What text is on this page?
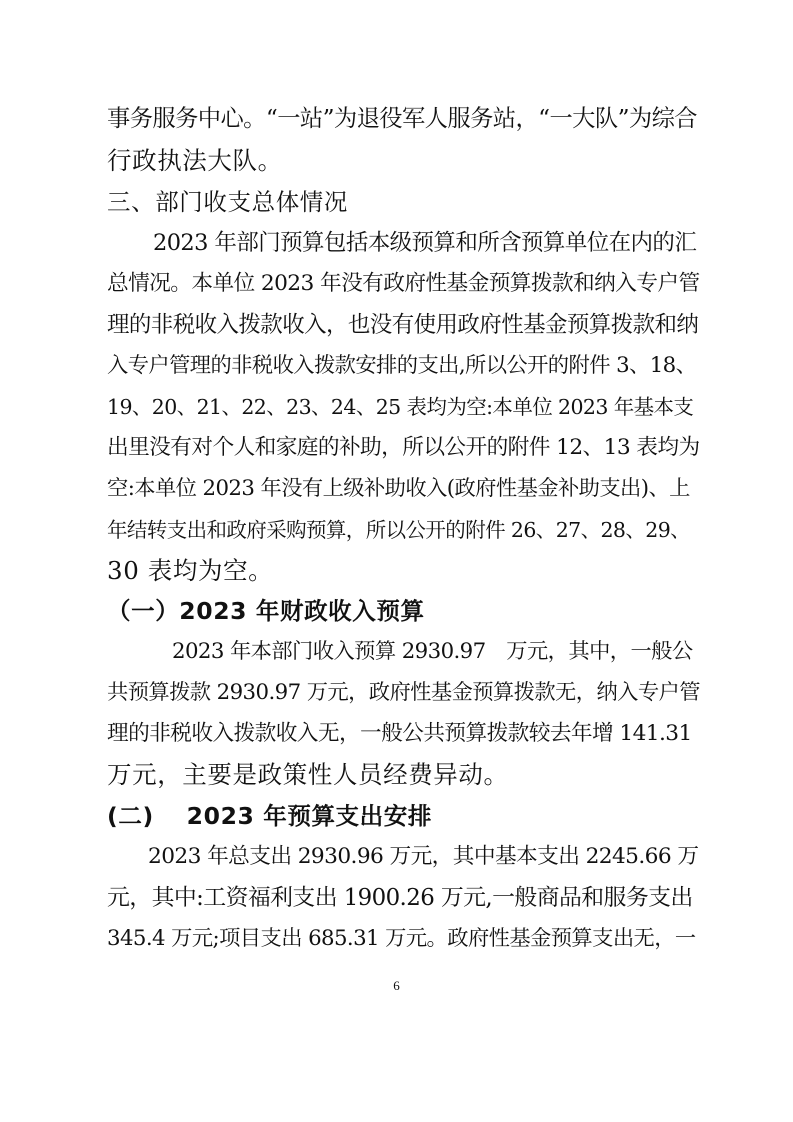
事务服务中心。“一站”为退役军人服务站，“一大队”为综合
行政执法大队。
三、部门收支总体情况
2023 年部门预算包括本级预算和所含预算单位在内的汇
总情况。本单位 2023 年没有政府性基金预算拨款和纳入专户管
理的非税收入拨款收入，也没有使用政府性基金预算拨款和纳
入专户管理的非税收入拨款安排的支出,所以公开的附件 3、18、
19、20、21、22、23、24、25 表均为空:本单位 2023 年基本支
出里没有对个人和家庭的补助，所以公开的附件 12、13 表均为
空:本单位 2023 年没有上级补助收入(政府性基金补助支出)、上
年结转支出和政府采购预算，所以公开的附件 26、27、28、29、
30 表均为空。
（一）2023 年财政收入预算
2023 年本部门收入预算 2930.97　万元，其中，一般公
共预算拨款 2930.97 万元，政府性基金预算拨款无，纳入专户管
理的非税收入拨款收入无，一般公共预算拨款较去年增 141.31
万元，主要是政策性人员经费异动。
(二)　 2023 年预算支出安排
2023 年总支出 2930.96 万元，其中基本支出 2245.66 万
元，其中:工资福利支出 1900.26 万元,一般商品和服务支出
345.4 万元;项目支出 685.31 万元。政府性基金预算支出无，一
6
